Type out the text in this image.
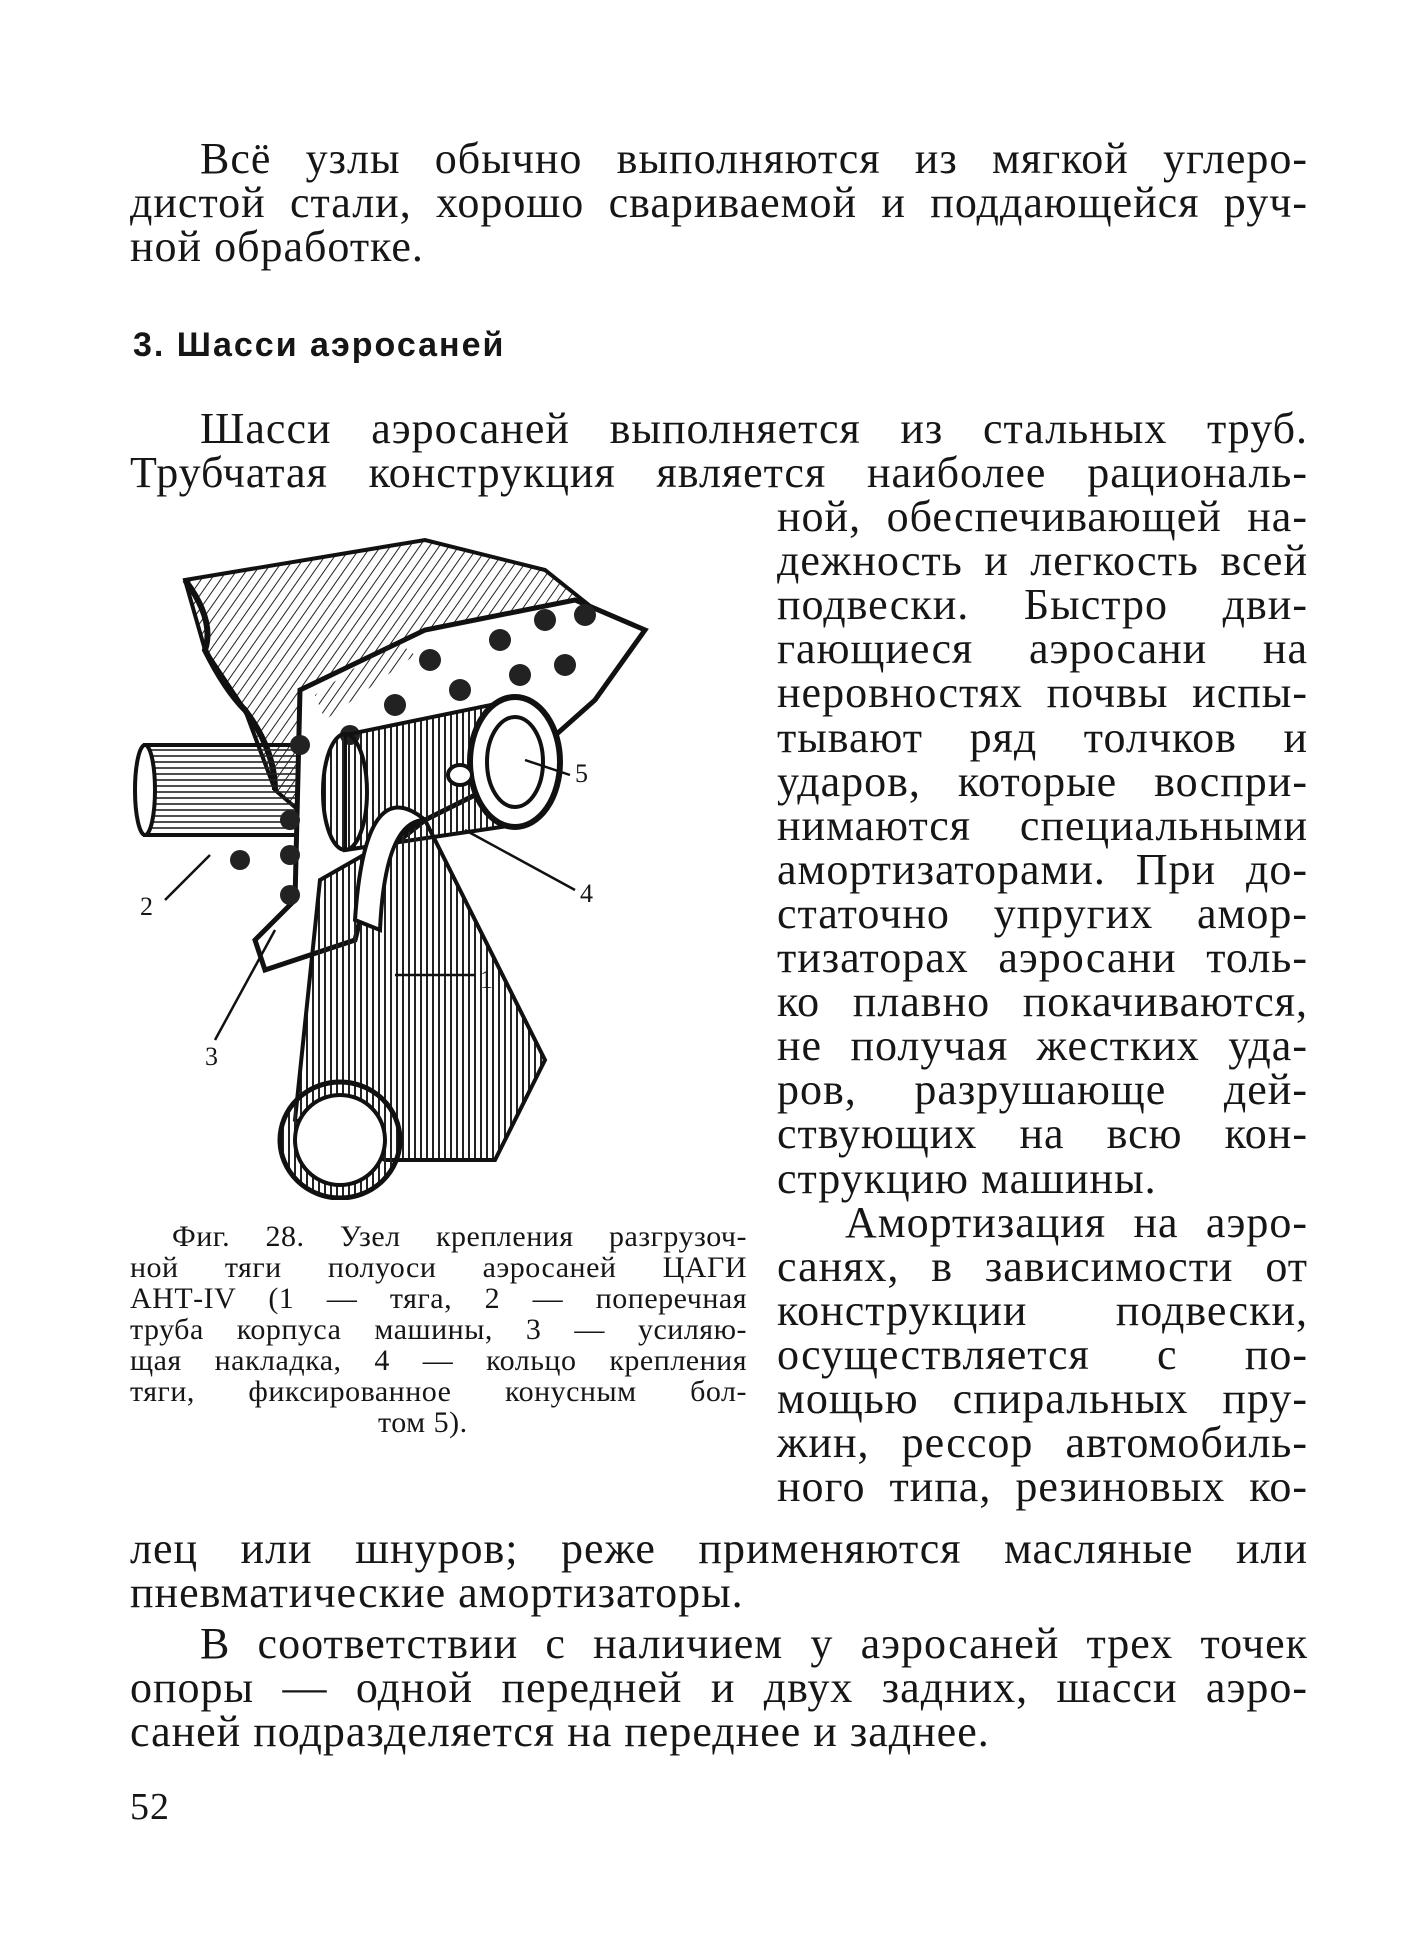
Всё узлы обычно выполняются из мягкой углеро-
дистой стали, хорошо свариваемой и поддающейся руч-
ной обработке.
3. Шасси аэросаней
Шасси аэросаней выполняется из стальных труб.
Трубчатая конструкция является наиболее рациональ-
ной, обеспечивающей на-
дежность и легкость всей
подвески. Быстро дви-
гающиеся аэросани на
неровностях почвы испы-
тывают ряд толчков и
ударов, которые воспри-
нимаются специальными
амортизаторами. При до-
статочно упругих амор-
тизаторах аэросани толь-
ко плавно покачиваются,
не получая жестких уда-
ров, разрушающе дей-
ствующих на всю кон-
струкцию машины.
Амортизация на аэро-
санях, в зависимости от
конструкции подвески,
осуществляется с по-
мощью спиральных пру-
жин, рессор автомобиль-
ного типа, резиновых ко-
1
2
3
4
5
Фиг. 28. Узел крепления разгрузоч-
ной тяги полуоси аэросаней ЦАГИ
АНТ-IV (1 — тяга, 2 — поперечная
труба корпуса машины, 3 — усиляю-
щая накладка, 4 — кольцо крепления
тяги, фиксированное конусным бол-
том 5).
лец или шнуров; реже применяются масляные или
пневматические амортизаторы.
В соответствии с наличием у аэросаней трех точек
опоры — одной передней и двух задних, шасси аэро-
саней подразделяется на переднее и заднее.
52
